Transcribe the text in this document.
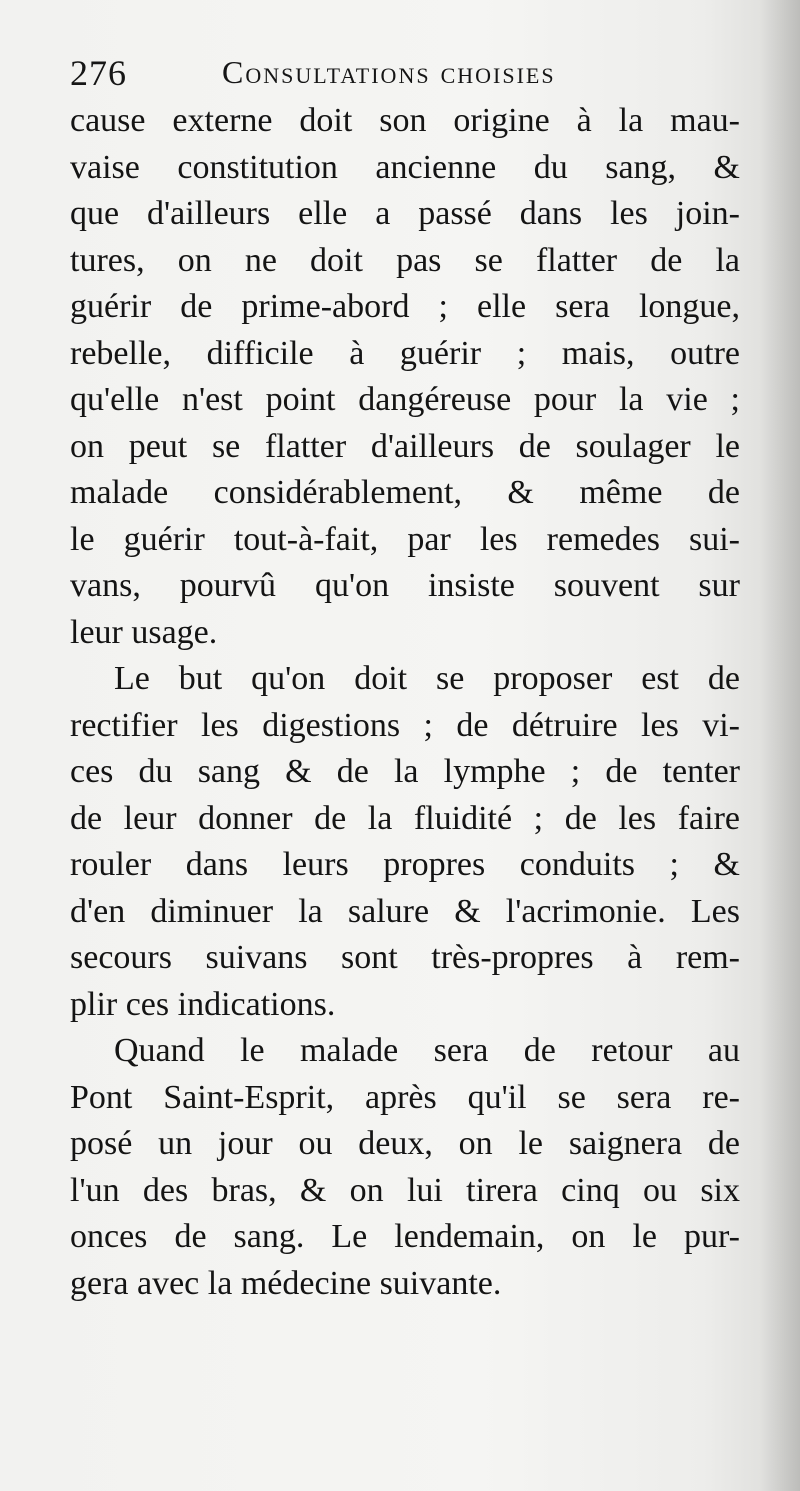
276	Consultations choisies
cause externe doit son origine à la mau-
vaise constitution ancienne du sang, &
que d'ailleurs elle a passé dans les join-
tures, on ne doit pas se flatter de la
guérir de prime-abord ; elle sera longue,
rebelle, difficile à guérir ; mais, outre
qu'elle n'est point dangéreuse pour la vie ;
on peut se flatter d'ailleurs de soulager le
malade considérablement, & même de
le guérir tout-à-fait, par les remedes sui-
vans, pourvû qu'on insiste souvent sur
leur usage.
Le but qu'on doit se proposer est de
rectifier les digestions ; de détruire les vi-
ces du sang & de la lymphe ; de tenter
de leur donner de la fluidité ; de les faire
rouler dans leurs propres conduits ; &
d'en diminuer la salure & l'acrimonie. Les
secours suivans sont très-propres à rem-
plir ces indications.
Quand le malade sera de retour au
Pont Saint-Esprit, après qu'il se sera re-
posé un jour ou deux, on le saignera de
l'un des bras, & on lui tirera cinq ou six
onces de sang. Le lendemain, on le pur-
gera avec la médecine suivante.
